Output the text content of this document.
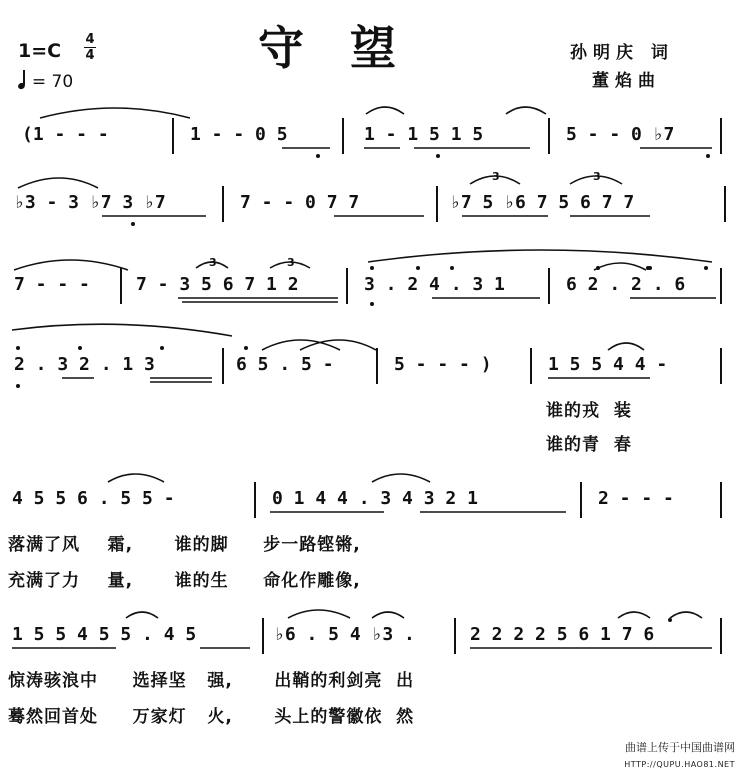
守望
1=C
4
4
= 70
孙明庆 词
董焰曲
(1 - - -	1 - - 0 5	1 - 1 5 1 5	5 - - 0 ♭7
♭3 - 3 ♭7 3 ♭7	7 - - 0 7 7	♭7 5 ♭6 7 5 6 7 7
7 - - -	7 - 3 5 6 7 1 2	3 . 2 4 . 3 1	6 2 . 2 . 6
2 . 3 2 . 1 3	6 5 . 5 -	5 - - - )	1 5 5 4 4 -
谁的戎  装
谁的青  春
4 5 5 6 . 5 5 -	0 1 4 4 . 3 4 3 2 1	2 - - -
落满了风    霜,      谁的脚     步一路铿锵,
充满了力    量,      谁的生     命化作雕像,
1 5 5 4 5 5 . 4 5	♭6 . 5 4 ♭3 .	2 2 2 2 5 6 1 7 6
惊涛骇浪中     选择坚   强,      出鞘的利剑亮  出
蓦然回首处     万家灯   火,      头上的警徽依  然
3	3
3	3
曲谱上传于中国曲谱网
HTTP://QUPU.HAO81.NET
